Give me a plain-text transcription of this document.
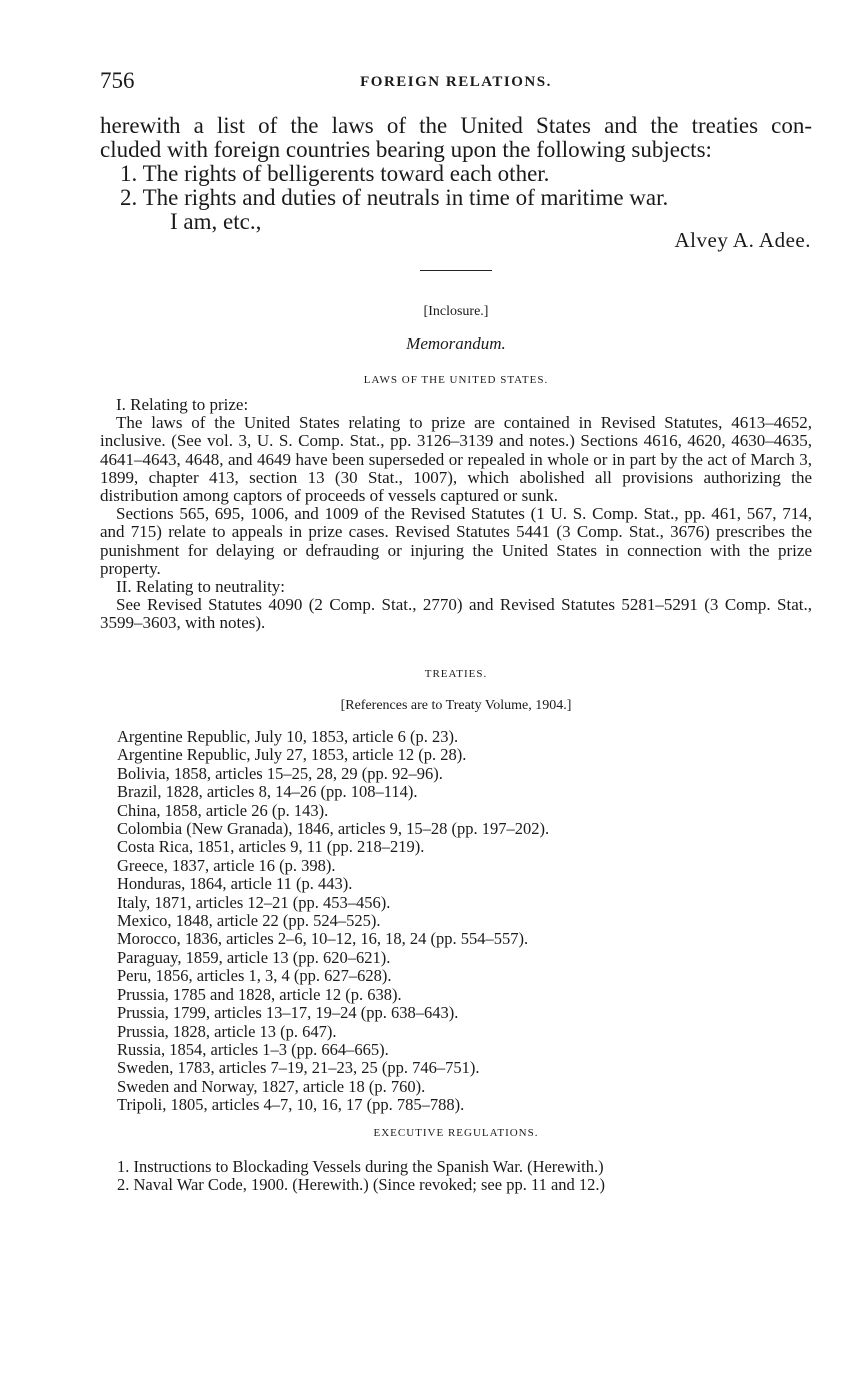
756	FOREIGN RELATIONS.

herewith a list of the laws of the United States and the treaties con-

cluded with foreign countries bearing upon the following subjects:

1. The rights of belligerents toward each other.

2. The rights and duties of neutrals in time of maritime war.

I am, etc.,

Alvey A. Adee.
[Inclosure.]
Memorandum.
LAWS OF THE UNITED STATES.

I. Relating to prize:

The laws of the United States relating to prize are contained in Revised Statutes, 4613–4652, inclusive. (See vol. 3, U. S. Comp. Stat., pp. 3126–3139 and notes.) Sections 4616, 4620, 4630–4635, 4641–4643, 4648, and 4649 have been superseded or repealed in whole or in part by the act of March 3, 1899, chapter 413, section 13 (30 Stat., 1007), which abolished all provisions authorizing the distribution among captors of proceeds of vessels captured or sunk.

Sections 565, 695, 1006, and 1009 of the Revised Statutes (1 U. S. Comp. Stat., pp. 461, 567, 714, and 715) relate to appeals in prize cases. Revised Statutes 5441 (3 Comp. Stat., 3676) prescribes the punishment for delaying or defrauding or injuring the United States in connection with the prize property.

II. Relating to neutrality:

See Revised Statutes 4090 (2 Comp. Stat., 2770) and Revised Statutes 5281–5291 (3 Comp. Stat., 3599–3603, with notes).

TREATIES.
[References are to Treaty Volume, 1904.]
Argentine Republic, July 10, 1853, article 6 (p. 23).
Argentine Republic, July 27, 1853, article 12 (p. 28).
Bolivia, 1858, articles 15–25, 28, 29 (pp. 92–96).
Brazil, 1828, articles 8, 14–26 (pp. 108–114).
China, 1858, article 26 (p. 143).
Colombia (New Granada), 1846, articles 9, 15–28 (pp. 197–202).
Costa Rica, 1851, articles 9, 11 (pp. 218–219).
Greece, 1837, article 16 (p. 398).
Honduras, 1864, article 11 (p. 443).
Italy, 1871, articles 12–21 (pp. 453–456).
Mexico, 1848, article 22 (pp. 524–525).
Morocco, 1836, articles 2–6, 10–12, 16, 18, 24 (pp. 554–557).
Paraguay, 1859, article 13 (pp. 620–621).
Peru, 1856, articles 1, 3, 4 (pp. 627–628).
Prussia, 1785 and 1828, article 12 (p. 638).
Prussia, 1799, articles 13–17, 19–24 (pp. 638–643).
Prussia, 1828, article 13 (p. 647).
Russia, 1854, articles 1–3 (pp. 664–665).
Sweden, 1783, articles 7–19, 21–23, 25 (pp. 746–751).
Sweden and Norway, 1827, article 18 (p. 760).
Tripoli, 1805, articles 4–7, 10, 16, 17 (pp. 785–788).
EXECUTIVE REGULATIONS.
1. Instructions to Blockading Vessels during the Spanish War. (Herewith.)
2. Naval War Code, 1900. (Herewith.) (Since revoked; see pp. 11 and 12.)
